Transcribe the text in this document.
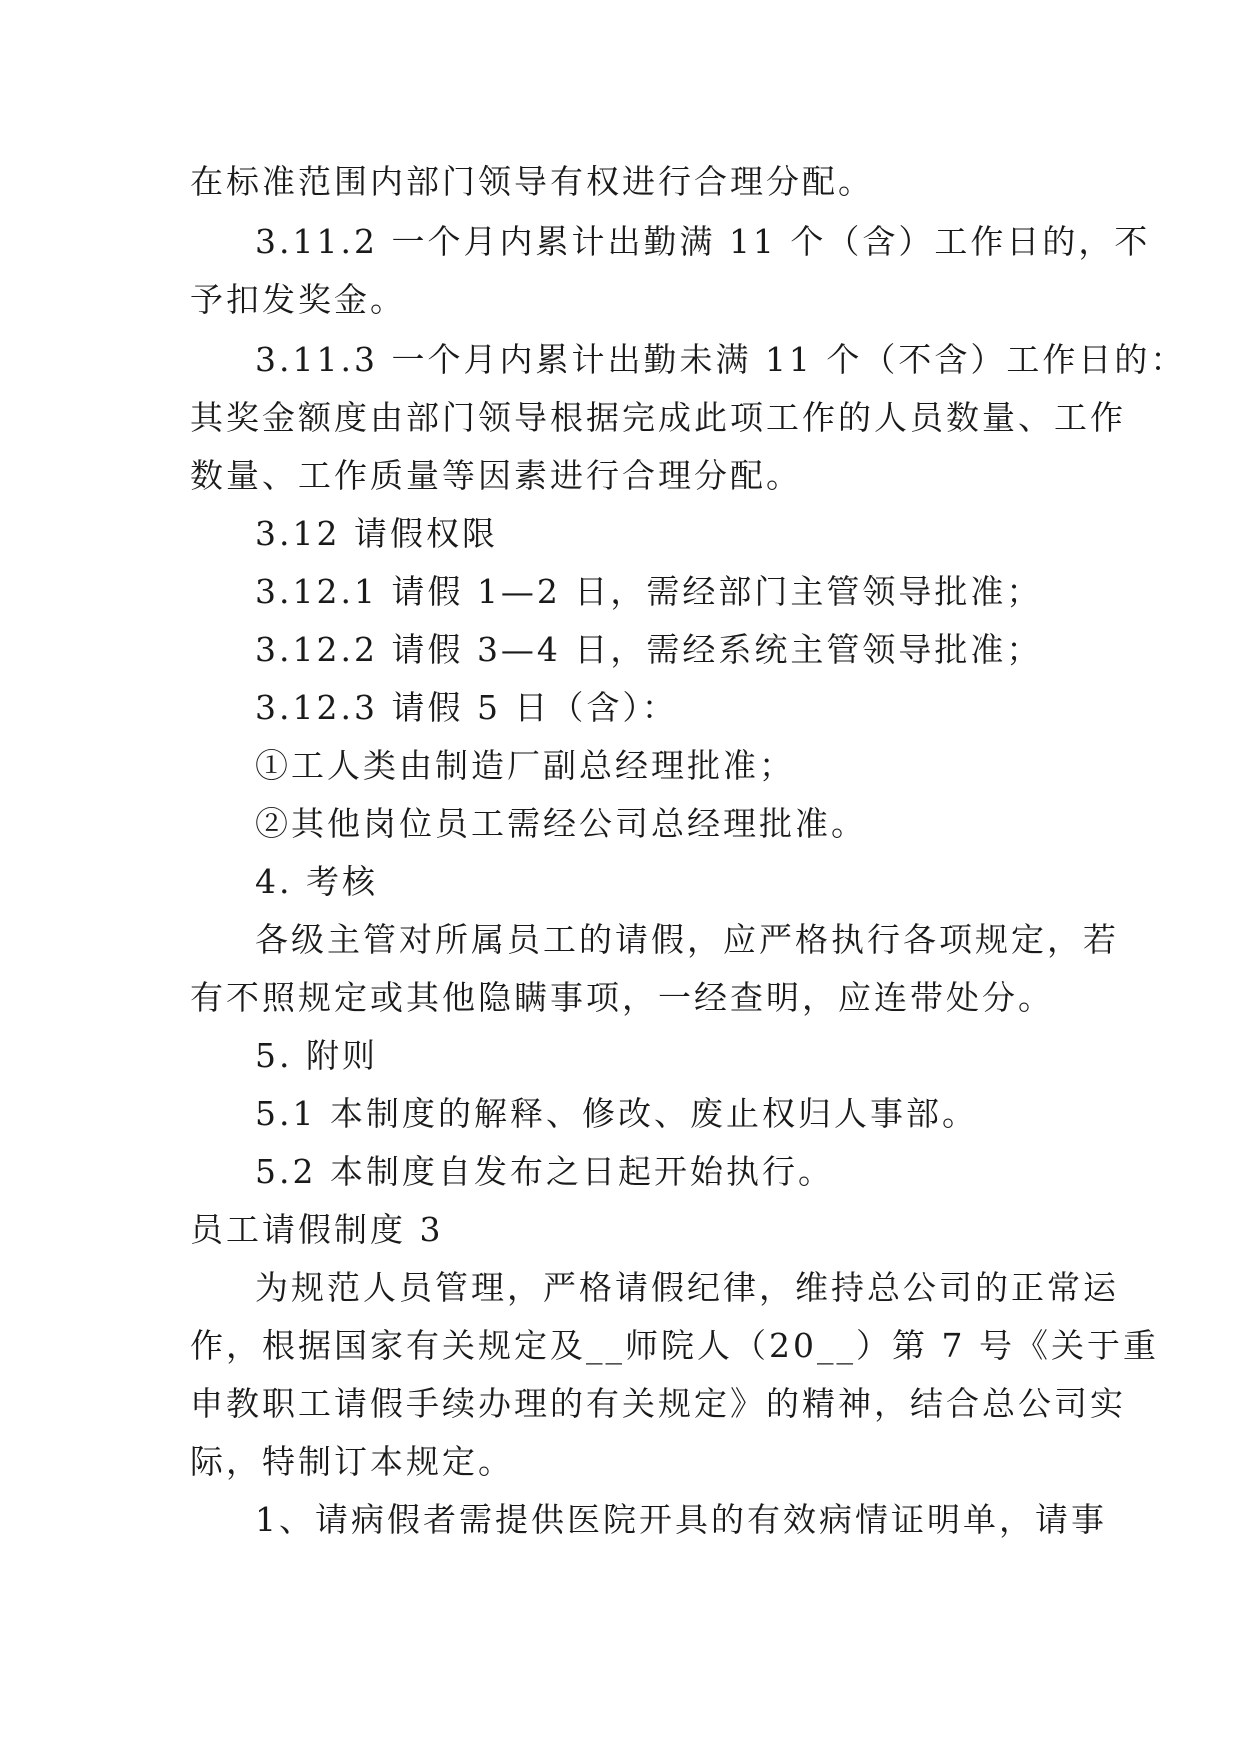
在标准范围内部门领导有权进行合理分配。
3.11.2 一个月内累计出勤满 11 个（含）工作日的，不
予扣发奖金。
3.11.3 一个月内累计出勤未满 11 个（不含）工作日的：
其奖金额度由部门领导根据完成此项工作的人员数量、工作
数量、工作质量等因素进行合理分配。
3.12 请假权限
3.12.1 请假 1—2 日，需经部门主管领导批准；
3.12.2 请假 3—4 日，需经系统主管领导批准；
3.12.3 请假 5 日（含）：
①工人类由制造厂副总经理批准；
②其他岗位员工需经公司总经理批准。
4. 考核
各级主管对所属员工的请假，应严格执行各项规定，若
有不照规定或其他隐瞒事项，一经查明，应连带处分。
5. 附则
5.1 本制度的解释、修改、废止权归人事部。
5.2 本制度自发布之日起开始执行。
员工请假制度 3
为规范人员管理，严格请假纪律，维持总公司的正常运
作，根据国家有关规定及__师院人（20__）第 7 号《关于重
申教职工请假手续办理的有关规定》的精神，结合总公司实
际，特制订本规定。
1、请病假者需提供医院开具的有效病情证明单，请事
